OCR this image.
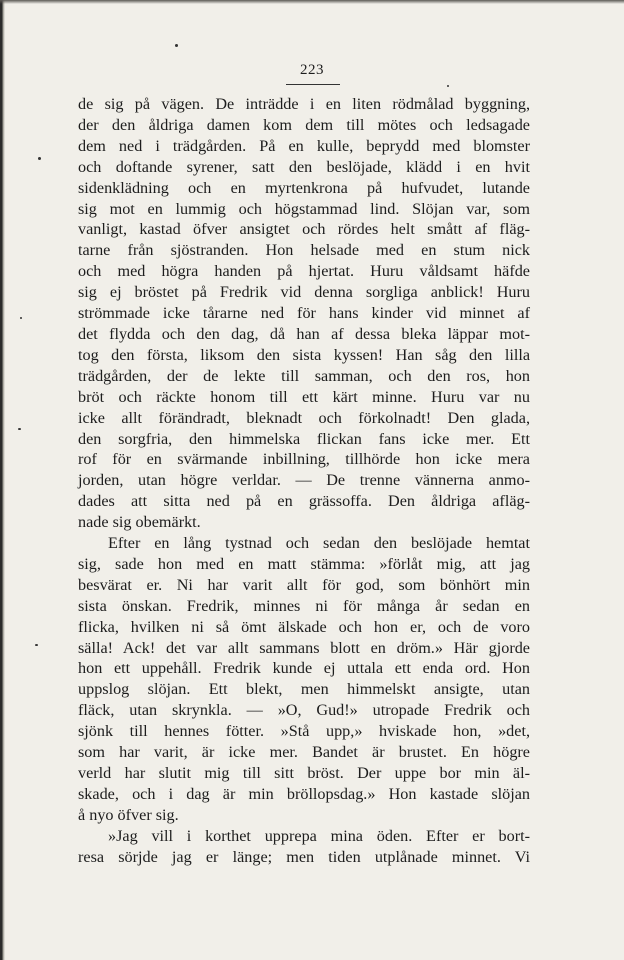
223
de sig på vägen. De inträdde i en liten rödmålad byggning,
der den åldriga damen kom dem till mötes och ledsagade
dem ned i trädgården. På en kulle, beprydd med blomster
och doftande syrener, satt den beslöjade, klädd i en hvit
sidenklädning och en myrtenkrona på hufvudet, lutande
sig mot en lummig och högstammad lind. Slöjan var, som
vanligt, kastad öfver ansigtet och rördes helt smått af fläg-
tarne från sjöstranden. Hon helsade med en stum nick
och med högra handen på hjertat. Huru våldsamt häfde
sig ej bröstet på Fredrik vid denna sorgliga anblick! Huru
strömmade icke tårarne ned för hans kinder vid minnet af
det flydda och den dag, då han af dessa bleka läppar mot-
tog den första, liksom den sista kyssen! Han såg den lilla
trädgården, der de lekte till samman, och den ros, hon
bröt och räckte honom till ett kärt minne. Huru var nu
icke allt förändradt, bleknadt och förkolnadt! Den glada,
den sorgfria, den himmelska flickan fans icke mer. Ett
rof för en svärmande inbillning, tillhörde hon icke mera
jorden, utan högre verldar. — De trenne vännerna anmo-
dades att sitta ned på en grässoffa. Den åldriga afläg-
nade sig obemärkt.
Efter en lång tystnad och sedan den beslöjade hemtat
sig, sade hon med en matt stämma: »förlåt mig, att jag
besvärat er. Ni har varit allt för god, som bönhört min
sista önskan. Fredrik, minnes ni för många år sedan en
flicka, hvilken ni så ömt älskade och hon er, och de voro
sälla! Ack! det var allt sammans blott en dröm.» Här gjorde
hon ett uppehåll. Fredrik kunde ej uttala ett enda ord. Hon
uppslog slöjan. Ett blekt, men himmelskt ansigte, utan
fläck, utan skrynkla. — »O, Gud!» utropade Fredrik och
sjönk till hennes fötter. »Stå upp,» hviskade hon, »det,
som har varit, är icke mer. Bandet är brustet. En högre
verld har slutit mig till sitt bröst. Der uppe bor min äl-
skade, och i dag är min bröllopsdag.» Hon kastade slöjan
å nyo öfver sig.
»Jag vill i korthet upprepa mina öden. Efter er bort-
resa sörjde jag er länge; men tiden utplånade minnet. Vi
